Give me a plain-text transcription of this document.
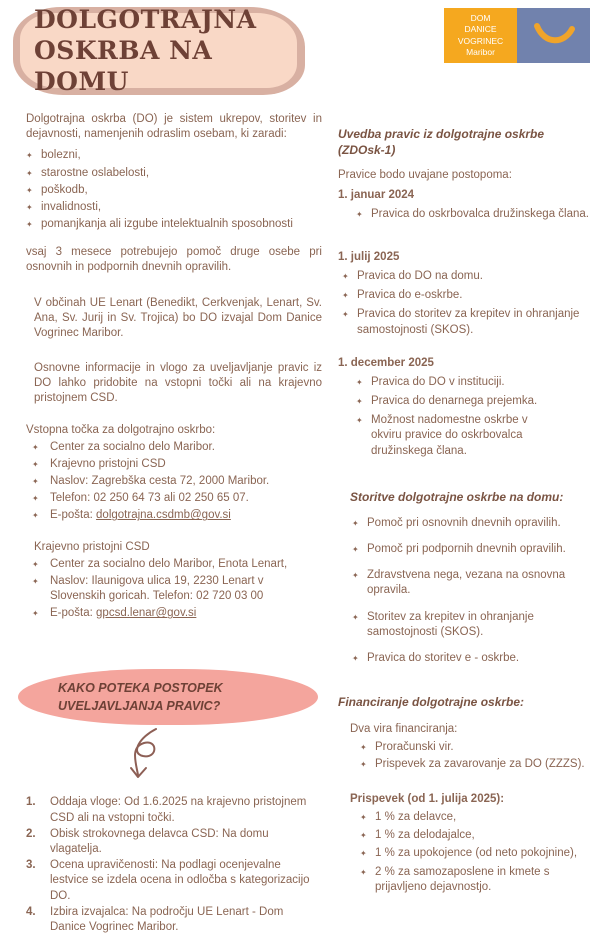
DOLGOTRAJNA
OSKRBA NA DOMU
DOM
DANICE
VOGRINEC
Maribor

Dolgotrajna oskrba (DO) je sistem ukrepov, storitev in dejavnosti, namenjenih odraslim osebam, ki zaradi:

✦ bolezni,
✦ starostne oslabelosti,
✦ poškodb,
✦ invalidnosti,
✦ pomanjkanja ali izgube intelektualnih sposobnosti

vsaj 3 mesece potrebujejo pomoč druge osebe pri osnovnih in podpornih dnevnih opravilih.

V občinah UE Lenart (Benedikt, Cerkvenjak, Lenart, Sv. Ana, Sv. Jurij in Sv. Trojica) bo DO izvajal Dom Danice Vogrinec Maribor.

Osnovne informacije in vlogo za uveljavljanje pravic iz DO lahko pridobite na vstopni točki ali na krajevno pristojnem CSD.

Vstopna točka za dolgotrajno oskrbo:
✦ Center za socialno delo Maribor.
✦ Krajevno pristojni CSD
✦ Naslov: Zagrebška cesta 72, 2000 Maribor.
✦ Telefon: 02 250 64 73 ali 02 250 65 07.
✦ E-pošta: dolgotrajna.csdmb@gov.si
Krajevno pristojni CSD
✦ Center za socialno delo Maribor, Enota Lenart,
✦ Naslov: Ilaunigova ulica 19, 2230 Lenart v Slovenskih goricah. Telefon: 02 720 03 00
✦ E-pošta: gpcsd.lenar@gov.si
KAKO POTEKA POSTOPEK UVELJAVLJANJA PRAVIC?
1.	Oddaja vloge: Od 1.6.2025 na krajevno pristojnem CSD ali na vstopni točki.
2.	Obisk strokovnega delavca CSD: Na domu vlagatelja.
3.	Ocena upravičenosti: Na podlagi ocenjevalne lestvice se izdela ocena in odločba s kategorizacijo DO.
4.	Izbira izvajalca: Na področju UE Lenart - Dom Danice Vogrinec Maribor.
Uvedba pravic iz dolgotrajne oskrbe (ZDOsk-1)
Pravice bodo uvajane postopoma:
1. januar 2024
✦ Pravica do oskrbovalca družinskega člana.
1. julij 2025
✦ Pravica do DO na domu.
✦ Pravica do e-oskrbe.
✦ Pravica do storitev za krepitev in ohranjanje samostojnosti (SKOS).
1. december 2025
✦ Pravica do DO v instituciji.
✦ Pravica do denarnega prejemka.
✦ Možnost nadomestne oskrbe v okviru pravice do oskrbovalca družinskega člana.
Storitve dolgotrajne oskrbe na domu:
✦ Pomoč pri osnovnih dnevnih opravilih.
✦ Pomoč pri podpornih dnevnih opravilih.
✦ Zdravstvena nega, vezana na osnovna opravila.
✦ Storitev za krepitev in ohranjanje samostojnosti (SKOS).
✦ Pravica do storitev e - oskrbe.
Financiranje dolgotrajne oskrbe:
Dva vira financiranja:
✦ Proračunski vir.
✦ Prispevek za zavarovanje za DO (ZZZS).
Prispevek (od 1. julija 2025):
✦ 1 % za delavce,
✦ 1 % za delodajalce,
✦ 1 % za upokojence (od neto pokojnine),
✦ 2 % za samozaposlene in kmete s prijavljeno dejavnostjo.
